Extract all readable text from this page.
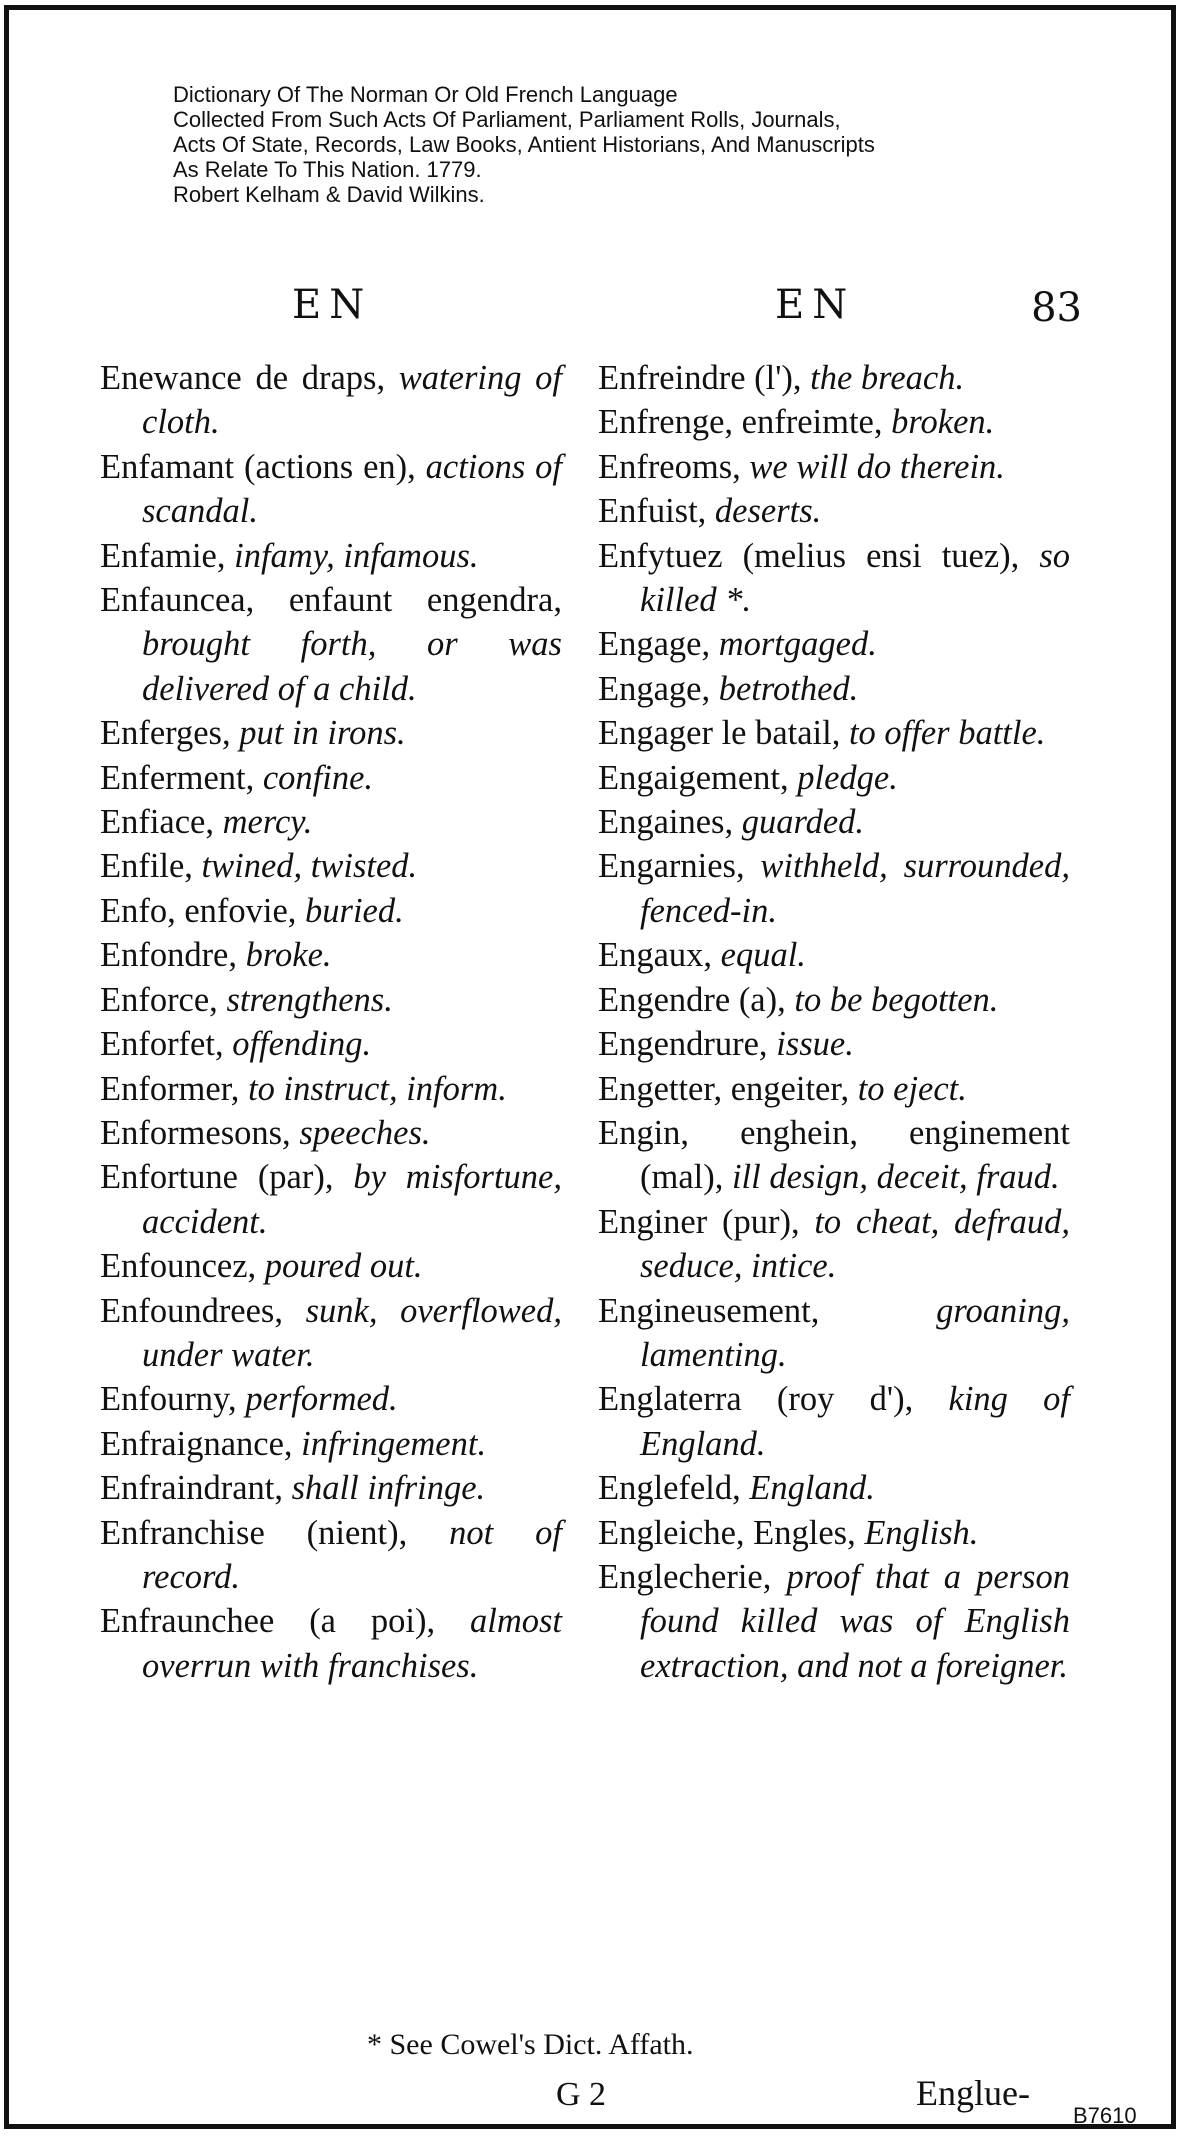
Dictionary Of The Norman Or Old French Language
Collected From Such Acts Of Parliament, Parliament Rolls, Journals,
Acts Of State, Records, Law Books, Antient Historians, And Manuscripts
As Relate To This Nation. 1779.
Robert Kelham & David Wilkins.
EN	EN	83

Enewance de draps, watering of cloth.

Enfamant (actions en), actions of scandal.

Enfamie, infamy, infamous.

Enfauncea, enfaunt engendra, brought forth, or was delivered of a child.

Enferges, put in irons.

Enferment, confine.

Enfiace, mercy.

Enfile, twined, twisted.

Enfo, enfovie, buried.

Enfondre, broke.

Enforce, strengthens.

Enforfet, offending.

Enformer, to instruct, inform.

Enformesons, speeches.

Enfortune (par), by misfortune, accident.

Enfouncez, poured out.

Enfoundrees, sunk, overflowed, under water.

Enfourny, performed.

Enfraignance, infringement.

Enfraindrant, shall infringe.

Enfranchise (nient), not of record.

Enfraunchee (a poi), almost overrun with franchises.

Enfreindre (l'), the breach.

Enfrenge, enfreimte, broken.

Enfreoms, we will do therein.

Enfuist, deserts.

Enfytuez (melius ensi tuez), so killed *.

Engage, mortgaged.

Engage, betrothed.

Engager le batail, to offer battle.

Engaigement, pledge.

Engaines, guarded.

Engarnies, withheld, surrounded, fenced-in.

Engaux, equal.

Engendre (a), to be begotten.

Engendrure, issue.

Engetter, engeiter, to eject.

Engin, enghein, enginement (mal), ill design, deceit, fraud.

Enginer (pur), to cheat, defraud, seduce, intice.

Engineusement, groaning, lamenting.

Englaterra (roy d'), king of England.

Englefeld, England.

Engleiche, Engles, English.

Englecherie, proof that a person found killed was of English extraction, and not a foreigner.

* See Cowel's Dict. Affath.
G 2	Englue-
B7610
